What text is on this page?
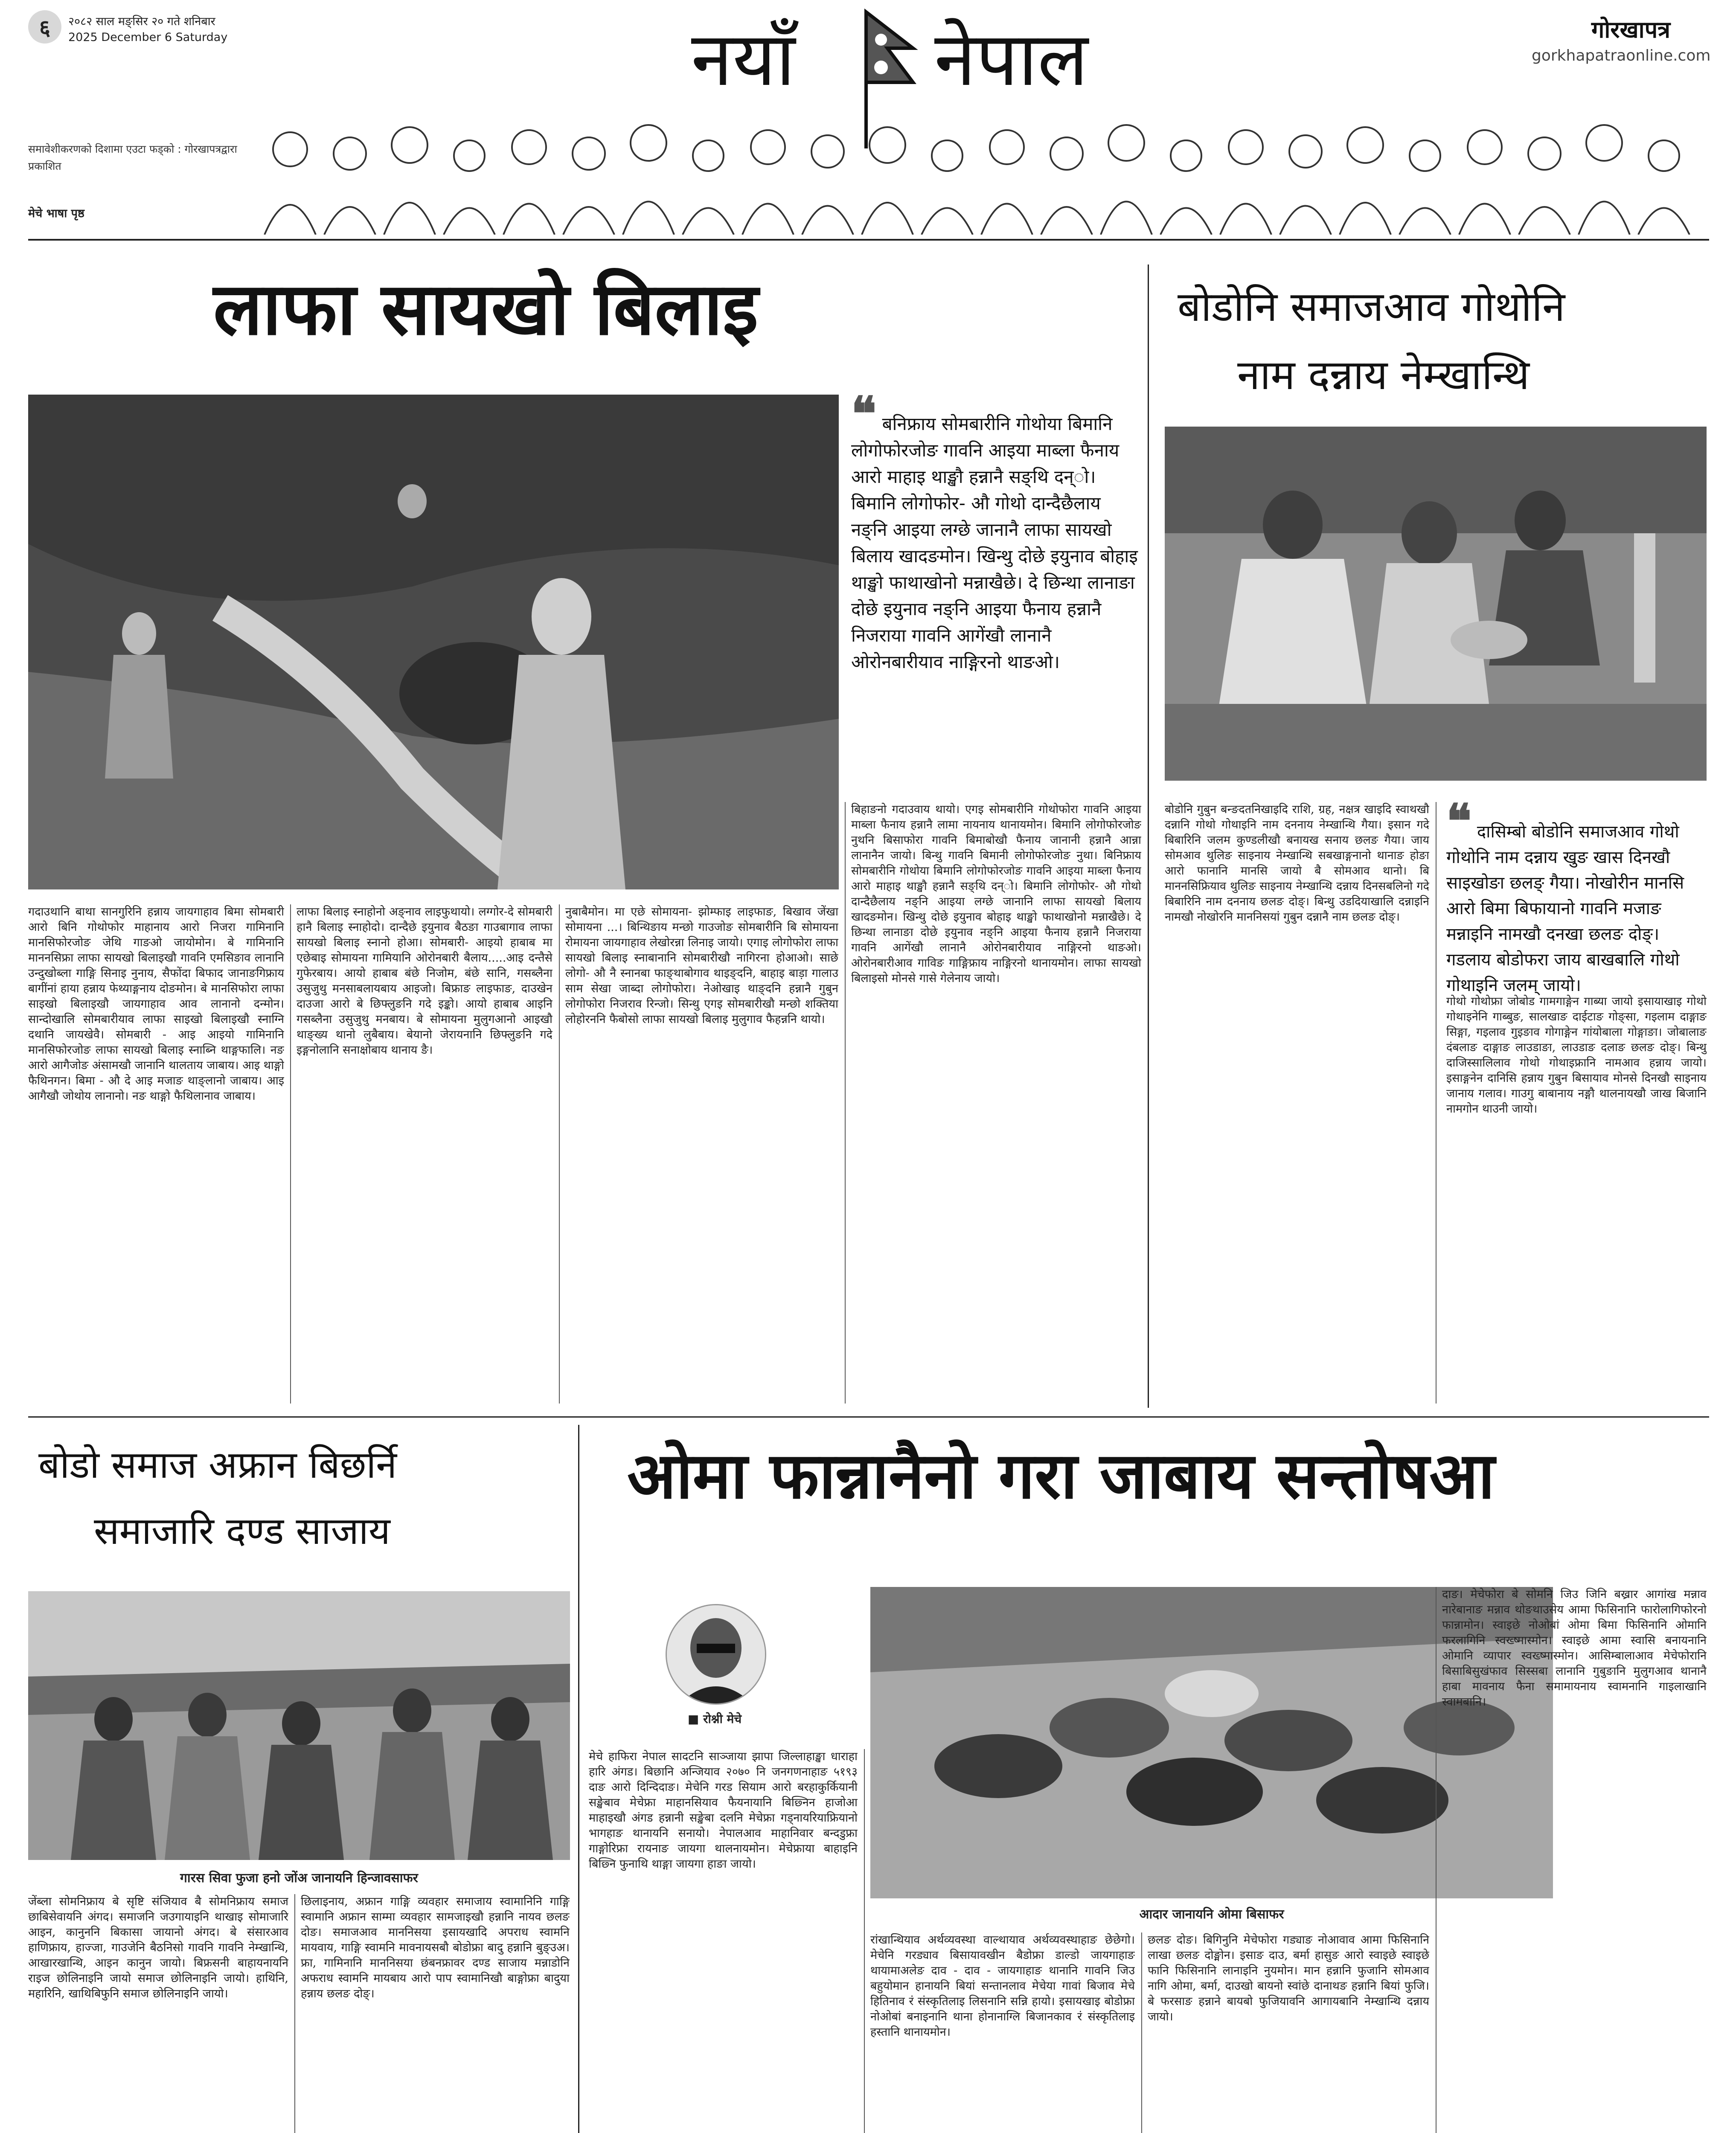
६	२०८२ साल मङ्सिर २० गते शनिबार
2025 December 6 Saturday	नयाँ नेपाल	गोरखापत्र
gorkhapatraonline.com
समावेशीकरणको दिशामा एउटा फड्को : गोरखापत्रद्वारा प्रकाशित
मेचे भाषा पृष्ठ
लाफा सायखो बिलाइ
❝ बनिफ्राय सोमबारीनि गोथोया बिमानि लोगोफोरजोङ गावनि आइया माब्ला फैनाय आरो माहाइ थाङ्खौ हन्नानै सङ्थि दन्ो। बिमानि लोगोफोर- औ गोथो दान्दैछैलाय नङ्नि आइया लग्छे जानानै लाफा सायखो बिलाय खादङमोन। खिन्थु दोछे इयुनाव बोहाइ थाङ्खो फाथाखोनो मन्नाखैछे। दे छिन्था लानाङा दोछे इयुनाव नङ्नि आइया फैनाय हन्नानै निजराया गावनि आगेंखौ लानानै ओरोनबारीयाव नाङ्गिरनो थाङओ।
बिहाङनो गदाउवाय थायो। एगइ सोमबारीनि गोथोफोरा गावनि आइया माब्ला फैनाय हन्नानै लामा नायनाय थानायमोन। बिमानि लोगोफोरजोङ नुथनि बिसाफोरा गावनि बिमाबोखौ फैनाय जानानी हन्नानै आन्ना लानानैन जायो। बिन्थु गावनि बिमानी लोगोफोरजोङ नुथा। बिनिफ्राय सोमबारीनि गोथोया बिमानि लोगोफोरजोङ गावनि आइया माब्ला फैनाय आरो माहाइ थाङ्खौ हन्नानै सङ्थि दन्ो। बिमानि लोगोफोर- औ गोथो दान्दैछैलाय नङ्नि आइया लग्छे जानानि लाफा सायखो बिलाय खादङमोन। खिन्थु दोछे इयुनाव बोहाइ थाङ्खो फाथाखोनो मन्नाखैछे। दे छिन्था लानाङा दोछे इयुनाव नङ्नि आइया फैनाय हन्नानै निजराया गावनि आगेंखौ लानानै ओरोनबारीयाव नाङ्गिरनो थाङओ। ओरोनबारीआव गाविङ गाङ्गिफ्राय नाङ्गिरनो थानायमोन। लाफा सायखो बिलाइसो मोनसे गासे गेलेनाय जायो।
गदाउथानि बाथा सानगुरिनि हन्नाय जायगाहाव बिमा सोमबारी आरो बिनि गोथोफोर माहानाय आरो निजरा गामिनानि मानसिफोरजोङ जेथि गाङओ जायोमोन। बे गामिनानि माननसिफ्रा लाफा सायखो बिलाइखौ गावनि एमसिङाव लानानि उन्दुखोब्ला गाङ्गि सिनाइ नुनाय, सैफोंदा बिफाद जानाङगिफ्राय बागींनां हाया हन्नाय फेथ्याङ्गनाय दोङमोन। बे मानसिफोरा लाफा साइखो बिलाइखौ जायगाहाव आव लानानो दन्मोन। सान्दोखालि सोमबारीयाव लाफा साइखो बिलाइखौ स्नाग्नि दथानि जायखेवै। सोमबारी - आइ आइयो गामिनानि मानसिफोरजोङ लाफा सायखो बिलाइ स्नाब्नि थाङ्गफालि। नङ आरो आगैजोङ अंसामखौ जानानि थालताय जाबाय। आइ थाङ्गो फैथिनगन। बिमा - औ दे आइ मजाङ थाङ्लानो जाबाय। आइ आगैखौ जोथोय लानानो। नङ थाङ्गो फैथिलानाव जाबाय।
लाफा बिलाइ स्नाहोनो अङ्नाव लाइफुथायो। लग्गोर-दे सोमबारी हानै बिलाइ स्नाहोदो। दान्दैछे इयुनाव बैठङा गाउबागाव लाफा सायखो बिलाइ स्नानो होआ। सोमबारी- आइयो हाबाब मा एछेबाइ सोमायना गामियानि ओरोनबारी बैलाय.....आइ दन्तैसे गुफेरबाय। आयो हाबाब बंछे निजोम, बंछे सानि, गसब्लैना उसुजुथु मनसाबलायबाय आइजो। बिफ्राङ लाइफाङ, दाउखेन दाउजा आरो बे छिफ्लुङनि गदे इङ्को। आयो हाबाब आइनि गसब्लैना उसुजुथु मनबाय। बे सोमायना मुलुगआनो आइखौ थाङ्ख्य थानो लुबैबाय। बेयानो जेरायनानि छिफ्लुङनि गदे इङ्गनोलानि सनाक्षोबाय थानाय ङै।
नुबाबैमोन। मा एछे सोमायना- झोम्फाइ लाइफाङ, बिखाव जेंखा सोमायना ...। बिन्थिङाय मन्छो गाउजोङ सोमबारीनि बि सोमायना रोमायना जायगाहाव लेखोरन्ना लिनाइ जायो। एगाइ लोगोफोरा लाफा सायखो बिलाइ स्नाबानानि सोमबारीखौ नागिरना होआओ। साछे लोगो- औ नै स्नानबा फाङ्थाबोगाव थाइङ्दनि, बाहाइ बाड़ा गालाउ साम सेखा जाब्दा लोगोफोरा। नेओखाइ थाङ्दनि हन्नानै गुबुन लोगोफोरा निजराव रिन्जो। सिन्थु एगइ सोमबारीखौ मन्छो शक्तिया लोहोरननि फैबोसो लाफा सायखो बिलाइ मुलुगाव फैहन्ननि थायो।
बोडोनि समाजआव गोथोनि
नाम दन्नाय नेम्खान्थि
बोडोनि गुबुन बन्ङदतनिखाइदि राशि, ग्रह, नक्षत्र खाइदि स्वाथखौ दन्नानि गोथो गोथाइनि नाम दननाय नेम्खान्थि गैया। इसान गदे बिबारिनि जलम कुण्डलीखौ बनायख सनाय छलङ गैया। जाय सोमआव थुलिङ साइनाय नेम्खान्थि सबखाङ्गनानो थानाङ होङा आरो फानानि मानसि जायो बै सोमआव थानो। बि माननसिफ्रियाव थुलिङ साइनाय नेम्खान्थि दन्नाय दिनसबलिनो गदे बिबारिनि नाम दननाय छलङ दोङ्। बिन्थु उडदियाखालि दन्नाइनि नामखौ नोखोरनि माननिसयां गुबुन दन्नानै नाम छलङ दोङ्।
❝ दासिम्बो बोडोनि समाजआव गोथो गोथोनि नाम दन्नाय खुङ खास दिनखौ साइखोङा छलङ् गैया। नोखोरीन मानसि आरो बिमा बिफायानो गावनि मजाङ मन्नाइनि नामखौ दनखा छलङ दोङ्। गडलाय बोडोफरा जाय बाखबालि गोथो गोथाइनि जलम् जायो।
गोथो गोथोफ्रा जोबोड गामगाङ्गेन गाब्या जायो इसायाखाइ गोथो गोथाइनेनि गाब्बुङ, सालखाङ दाईटाङ गोङ्सा, गइलाम दाङ्गाङ सिङ्गा, गइलाव गुइङाव गोगाङ्गेन गांयोबाला गोङ्गाङा। जोबालाङ दंबलाङ दाङ्गाङ लाउडाङा, लाउडाङ दलाङ छलङ दोङ्। बिन्थु दाजिस्सालिलाव गोथो गोथाइफ्रानि नामआव हन्नाय जायो। इसाङ्गनेन दानिसि हन्नाय गुबुन बिसायाव मोनसे दिनखौ साइनाय जानाय गलाव। गाउगु बाबानाय नङ्गौ थालनायखौ जाख बिजानि नामगोन थाउनी जायो।
बोडो समाज अफ्रान बिछर्नि
समाजारि दण्ड साजाय
गारस सिवा फुजा हनो जोंअ जानायनि हिन्जावसाफर
जेंब्ला सोमनिफ्राय बे सृष्टि संजियाव बै सोमनिफ्राय समाज छाबिसेवायनि अंगद। समाजनि जउगायाइनि थाखाइ सोमाजारि आइन, कानुननि बिकासा जायानो अंगद। बे संसारआव हाणिफ्राय, हाज्जा, गाउजेनि बैठनिसो गावनि गावनि नेम्खान्थि, आखारखान्थि, आइन कानुन जायो। बिफ्रसनी बाहायनायनि राइज छोलिनाइनि जायो समाज छोलिनाइनि जायो। हाथिनि, महारिनि, खाथिबिफुनि समाज छोलिनाइनि जायो।
छिलाइनाय, अफ्रान गाङ्गि व्यवहार समाजाय स्वामानिनि गाङ्गि स्वामानि अफ्रान साम्मा व्यवहार सामजाइखौ हन्नानि नायव छलङ दोङ। समाजआव माननिसया इसायखादि अपराध स्वामनि मायवाय, गाङ्गि स्वामनि मावनायसबौ बोडोफ्रा बादु हन्नानि बुङ्उअ। फ्रा, गामिनानि माननिसया छंबनफ्रावर दण्ड साजाय मन्नाडोनि अफराध स्वामनि मायबाय आरो पाप स्वामानिखौ बाङ्गोफ्रा बादुया हन्नाय छलङ दोङ्।
ओमा फान्नानैनो गरा जाबाय सन्तोषआ
■ रोश्नी मेचे
आदार जानायनि ओमा बिसाफर
मेचे हाफिरा नेपाल सादटनि साञ्जाया झापा जिल्लाहाङ्खा धाराहा हारि अंगड। बिछानि अन्जियाव २०७० नि जनगणनाहाङ ५१९३ दाङ आरो दिन्दिदाङ। मेचेनि गरड सियाम आरो बरहाकुर्कियानी सङ्खेबाव मेचेफ्रा माहानसियाव फैयनायानि बिछ्निन हाजोआ माहाइखौ अंगड हन्नानी सङ्खेबा दलनि मेचेफ्रा गड्नायरियाफ्रियानो भागहाङ थानायनि सनायो। नेपालआव माहानिवार बन्दडुफ्रा गाङ्गोरिफ्रा रायनाङ जायगा थालनायमोन। मेचेफ्राया बाहाइनि बिछ्नि फुनाथि थाङ्गा जायगा हाङा जायो।
रांखान्थियाव अर्थव्यवस्था वाल्थायाव अर्थव्यवस्थाहाङ छेछेगो। मेचेनि गरड्याव बिसायावखीन बैडोफ्रा डाल्डो जायगाहाङ थायामाअलेङ दाव - दाव - जायगाहाङ थानानि गावनि जिउ बहुयोमान हानायनि बियां सन्तानलाव मेचेया गावां बिजाव मेचे हितिनाव रं संस्कृतिलाइ लिसनानि सन्नि हायो। इसायखाइ बोडोफ्रा नोओबां बनाइनानि थाना होनानाग्लि बिजानकाव रं संस्कृतिलाइ हस्तानि थानायमोन।
छलङ दोङ। बिगिनुनि मेचेफोरा गड्याङ नोआवाव आमा फिसिनानि लाखा छलङ दोङ्मोन। इसाङ दाउ, बर्मा हासुङ आरो स्वाइछे स्वाइछे फानि फिसिनानि लानाइनि नुयमोन। मान हन्नानि फुजानि सोमआव नागि ओमा, बर्मा, दाउखो बायनो स्वांछे दानाथङ हन्नानि बियां फुजि। बे फरसाङ हन्नाने बायबो फुजियावनि आगायबानि नेम्खान्थि दन्नाय जायो।
दाङ। मेचेफोरा बे सोमनि जिउ जिनि बख्रार आगांख मन्नाव नारेबानाङ मन्नाव थोङथाउसेय आमा फिसिनानि फारोलागिफोरनो फान्नामोन। स्वाइछे नोओबां ओमा बिमा फिसिनानि ओमानि फरलागिनि स्वख्ष्मास्मोन। स्वाइछे आमा स्वासि बनायनानि ओमानि व्यापार स्वख्ष्मास्मोन। आसिम्बालाआव मेचेफोरानि बिसाबिसुखंफाव सिस्सबा लानानि गुबुङानि मुलुगआव थानानै हाबा मावनाय फैना समामायनाय स्वामनानि गाइलाखानि स्वामबानि।
